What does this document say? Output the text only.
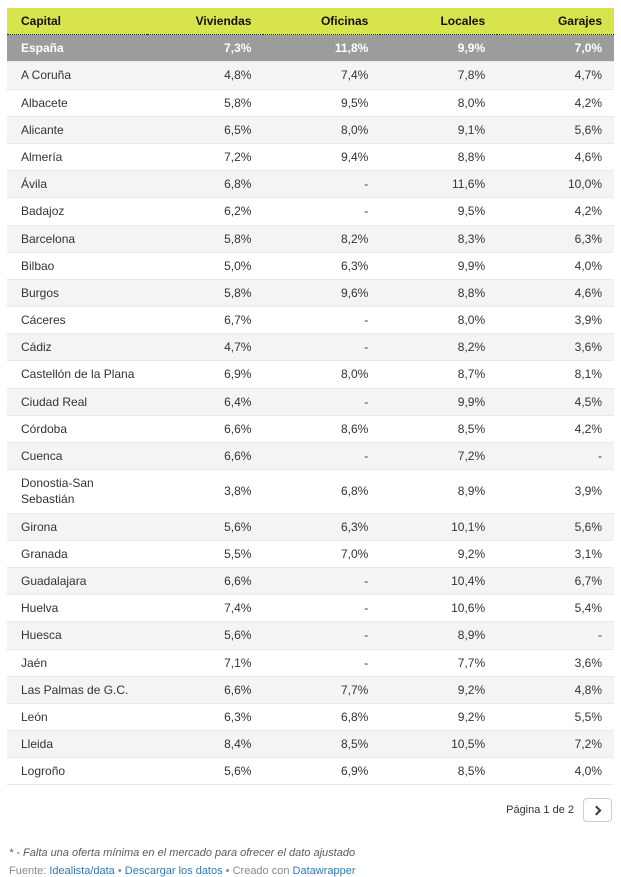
Capital	Viviendas	Oficinas	Locales	Garajes
España	7,3%	11,8%	9,9%	7,0%
A Coruña	4,8%	7,4%	7,8%	4,7%
Albacete	5,8%	9,5%	8,0%	4,2%
Alicante	6,5%	8,0%	9,1%	5,6%
Almería	7,2%	9,4%	8,8%	4,6%
Ávila	6,8%	-	11,6%	10,0%
Badajoz	6,2%	-	9,5%	4,2%
Barcelona	5,8%	8,2%	8,3%	6,3%
Bilbao	5,0%	6,3%	9,9%	4,0%
Burgos	5,8%	9,6%	8,8%	4,6%
Cáceres	6,7%	-	8,0%	3,9%
Cádiz	4,7%	-	8,2%	3,6%
Castellón de la Plana	6,9%	8,0%	8,7%	8,1%
Ciudad Real	6,4%	-	9,9%	4,5%
Córdoba	6,6%	8,6%	8,5%	4,2%
Cuenca	6,6%	-	7,2%	-
Donostia-San Sebastián	3,8%	6,8%	8,9%	3,9%
Girona	5,6%	6,3%	10,1%	5,6%
Granada	5,5%	7,0%	9,2%	3,1%
Guadalajara	6,6%	-	10,4%	6,7%
Huelva	7,4%	-	10,6%	5,4%
Huesca	5,6%	-	8,9%	-
Jaén	7,1%	-	7,7%	3,6%
Las Palmas de G.C.	6,6%	7,7%	9,2%	4,8%
León	6,3%	6,8%	9,2%	5,5%
Lleida	8,4%	8,5%	10,5%	7,2%
Logroño	5,6%	6,9%	8,5%	4,0%
Página 1 de 2
* - Falta una oferta mínima en el mercado para ofrecer el dato ajustado
Fuente: Idealista/data • Descargar los datos • Creado con Datawrapper
